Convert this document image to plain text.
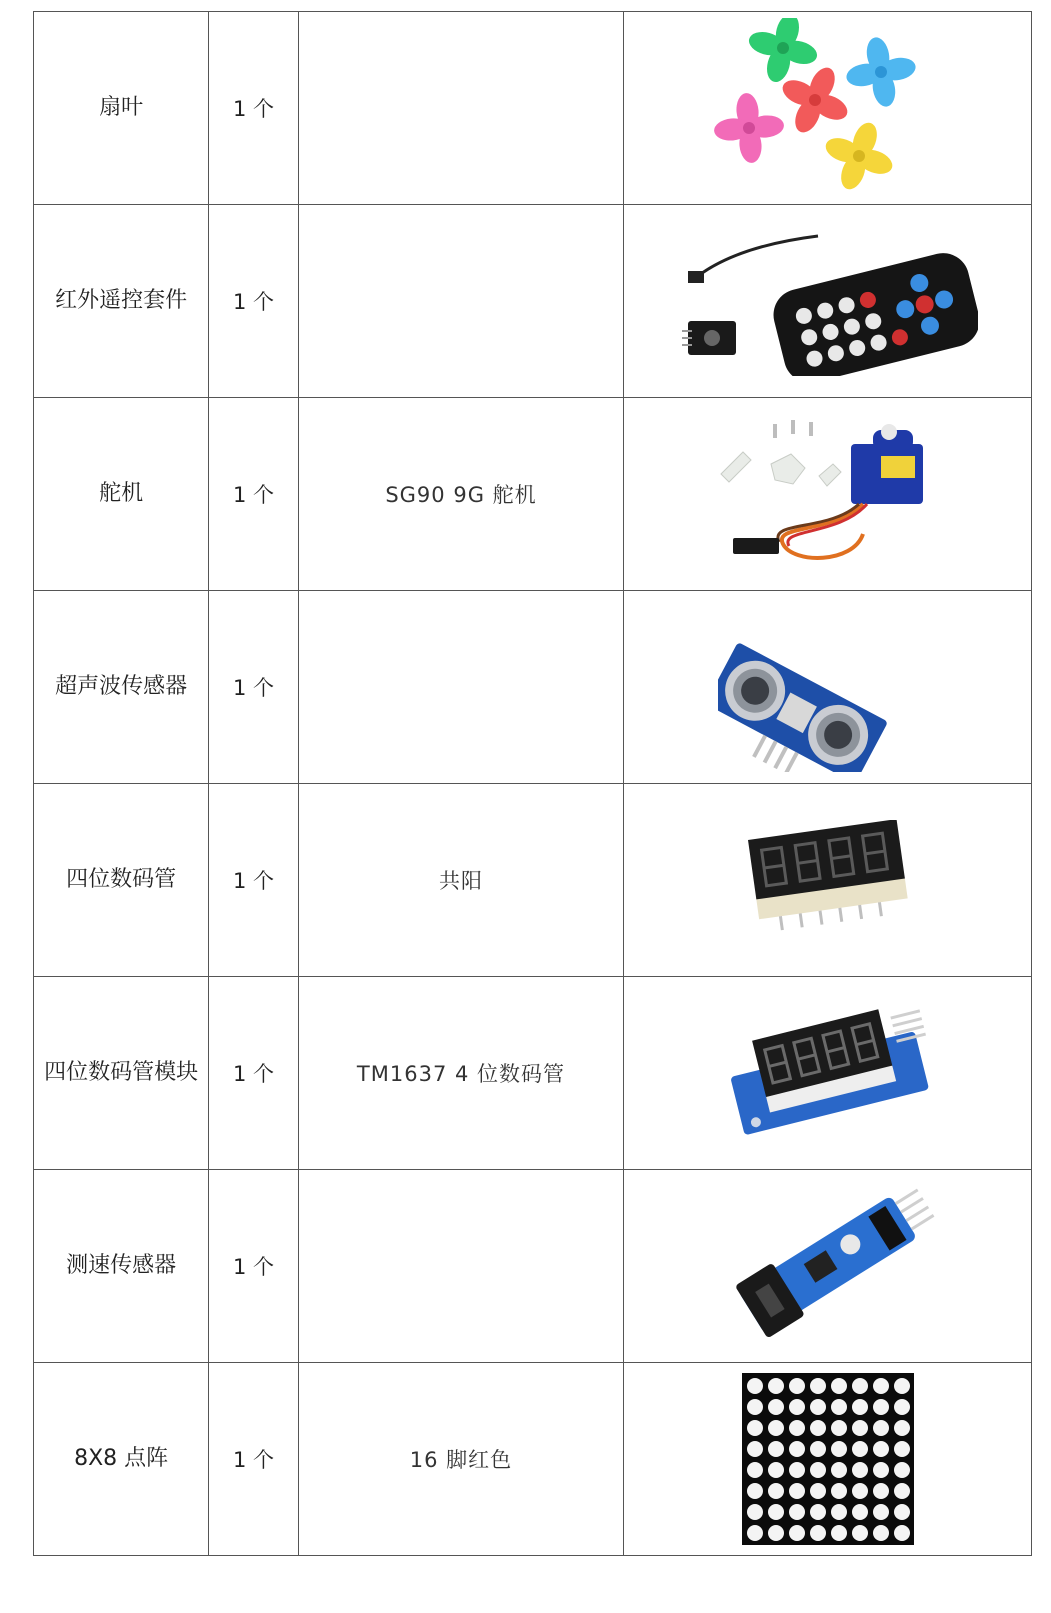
扇叶	1 个		

红外遥控套件	1 个		

舵机	1 个	SG90 9G 舵机	

超声波传感器	1 个		

四位数码管	1 个	共阳	

四位数码管模块	1 个	TM1637 4 位数码管	

测速传感器	1 个		

8X8 点阵	1 个	16 脚红色	
